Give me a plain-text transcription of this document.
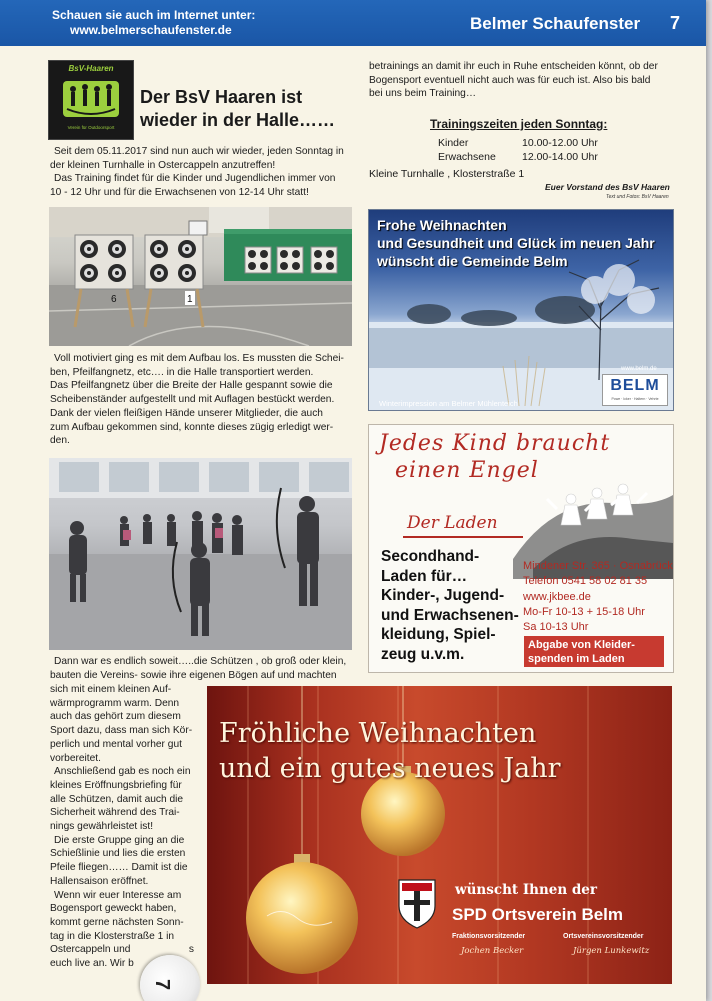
Schauen sie auch im Internet unter:
www.belmerschaufenster.de	Belmer Schaufenster 7
BsV-Haaren
Verein für Outdoorsport
Der BsV Haaren ist
wieder in der Halle……
Seit dem 05.11.2017 sind nun auch wir wieder, jeden Sonntag in
der kleinen Turnhalle in Ostercappeln anzutreffen!
Das Training findet für die Kinder und Jugendlichen immer von
10 - 12 Uhr und für die Erwachsenen von 12-14 Uhr statt!
6	1
Voll motiviert ging es mit dem Aufbau los. Es mussten die Schei-
ben, Pfeilfangnetz, etc…. in die Halle transportiert werden.
Das Pfeilfangnetz über die Breite der Halle gespannt sowie die
Scheibenständer aufgestellt und mit Auflagen bestückt werden.
Dank der vielen fleißigen Hände unserer Mitglieder, die auch
zum Aufbau gekommen sind, konnte dieses zügig erledigt wer-
den.
Dann war es endlich soweit…..die Schützen , ob groß oder klein,
bauten die Vereins- sowie ihre eigenen Bögen auf und machten
sich mit einem kleinen Auf-
wärmprogramm warm. Denn
auch das gehört zum diesem
Sport dazu, dass man sich Kör-
perlich und mental vorher gut
vorbereitet.
Anschließend gab es noch ein
kleines Eröffnungsbriefing für
alle Schützen, damit auch die
Sicherheit während des Trai-
nings gewährleistet ist!
Die erste Gruppe ging an die
Schießlinie und lies die ersten
Pfeile fliegen…… Damit ist die
Hallensaison eröffnet.
Wenn wir euer Interesse am
Bogensport geweckt haben,
kommt gerne nächsten Sonn-
tag in die Klosterstraße 1 in
Ostercappeln und	s
euch live an. Wir b
betrainings an damit ihr euch in Ruhe entscheiden könnt, ob der
Bogensport eventuell nicht auch was für euch ist. Also bis bald
bei uns beim Training…
Trainingszeiten jeden Sonntag:
Kinder	10.00-12.00 Uhr
Erwachsene 12.00-14.00 Uhr
Kleine Turnhalle , Klosterstraße 1
Euer Vorstand des BsV Haaren
Text und Fotos: BsV Haaren
Frohe Weihnachten
und Gesundheit und Glück im neuen Jahr
wünscht die Gemeinde Belm
www.belm.de
BELM
Powe · Icker · Haltern · Vehrte
Winterimpression am Belmer Mühlenteich
Jedes Kind braucht
einen Engel
Der Laden
Secondhand-
Laden für…
Kinder-, Jugend-
und Erwachsenen-
kleidung, Spiel-
zeug u.v.m.
Mindener Str. 365 · Osnabrück
Telefon 0541 58 02 81 35
www.jkbee.de
Mo-Fr 10-13 + 15-18 Uhr
Sa 10-13 Uhr
Abgabe von Kleider-
spenden im Laden
Fröhliche Weihnachten
und ein gutes neues Jahr
wünscht Ihnen der
SPD Ortsverein Belm
Fraktionsvorsitzender	Ortsvereinsvorsitzender
Jochen Becker	Jürgen Lunkewitz
7
